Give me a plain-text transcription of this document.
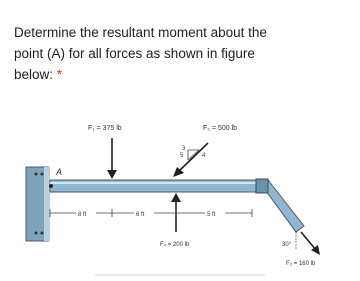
Determine the resultant moment about the
point (A) for all forces as shown in figure
below: *
A
F₁ = 375 lb	F₂ = 500 lb
5
3
4
F₄ = 200 lb
F₃ = 160 lb
30°
8 ft	6 ft	5 ft
